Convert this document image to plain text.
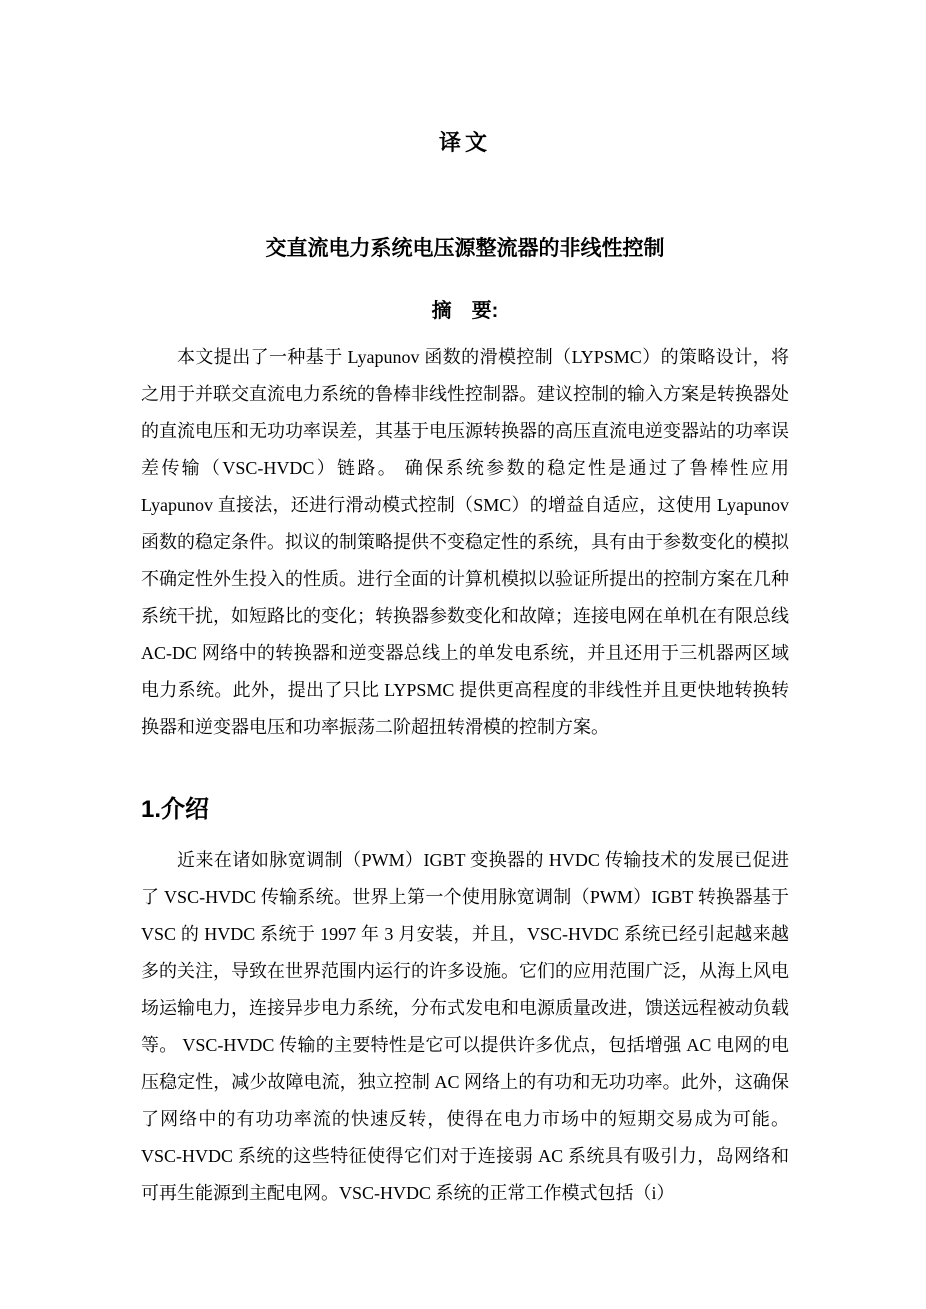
译文
交直流电力系统电压源整流器的非线性控制
摘　要:

本文提出了一种基于 Lyapunov 函数的滑模控制（LYPSMC）的策略设计，将之用于并联交直流电力系统的鲁棒非线性控制器。建议控制的输入方案是转换器处的直流电压和无功功率误差，其基于电压源转换器的高压直流电逆变器站的功率误差传输（VSC-HVDC）链路。 确保系统参数的稳定性是通过了鲁棒性应用 Lyapunov 直接法，还进行滑动模式控制（SMC）的增益自适应，这使用 Lyapunov 函数的稳定条件。拟议的制策略提供不变稳定性的系统，具有由于参数变化的模拟不确定性外生投入的性质。进行全面的计算机模拟以验证所提出的控制方案在几种系统干扰，如短路比的变化；转换器参数变化和故障；连接电网在单机在有限总线 AC-DC 网络中的转换器和逆变器总线上的单发电系统，并且还用于三机器两区域电力系统。此外，提出了只比 LYPSMC 提供更高程度的非线性并且更快地转换转换器和逆变器电压和功率振荡二阶超扭转滑模的控制方案。

1.介绍

近来在诸如脉宽调制（PWM）IGBT 变换器的 HVDC 传输技术的发展已促进了 VSC-HVDC 传输系统。世界上第一个使用脉宽调制（PWM）IGBT 转换器基于 VSC 的 HVDC 系统于 1997 年 3 月安装，并且，VSC-HVDC 系统已经引起越来越多的关注，导致在世界范围内运行的许多设施。它们的应用范围广泛，从海上风电场运输电力，连接异步电力系统，分布式发电和电源质量改进，馈送远程被动负载等。 VSC-HVDC 传输的主要特性是它可以提供许多优点，包括增强 AC 电网的电压稳定性，减少故障电流，独立控制 AC 网络上的有功和无功功率。此外，这确保了网络中的有功功率流的快速反转，使得在电力市场中的短期交易成为可能。 VSC-HVDC 系统的这些特征使得它们对于连接弱 AC 系统具有吸引力，岛网络和可再生能源到主配电网。VSC-HVDC 系统的正常工作模式包括（i）
